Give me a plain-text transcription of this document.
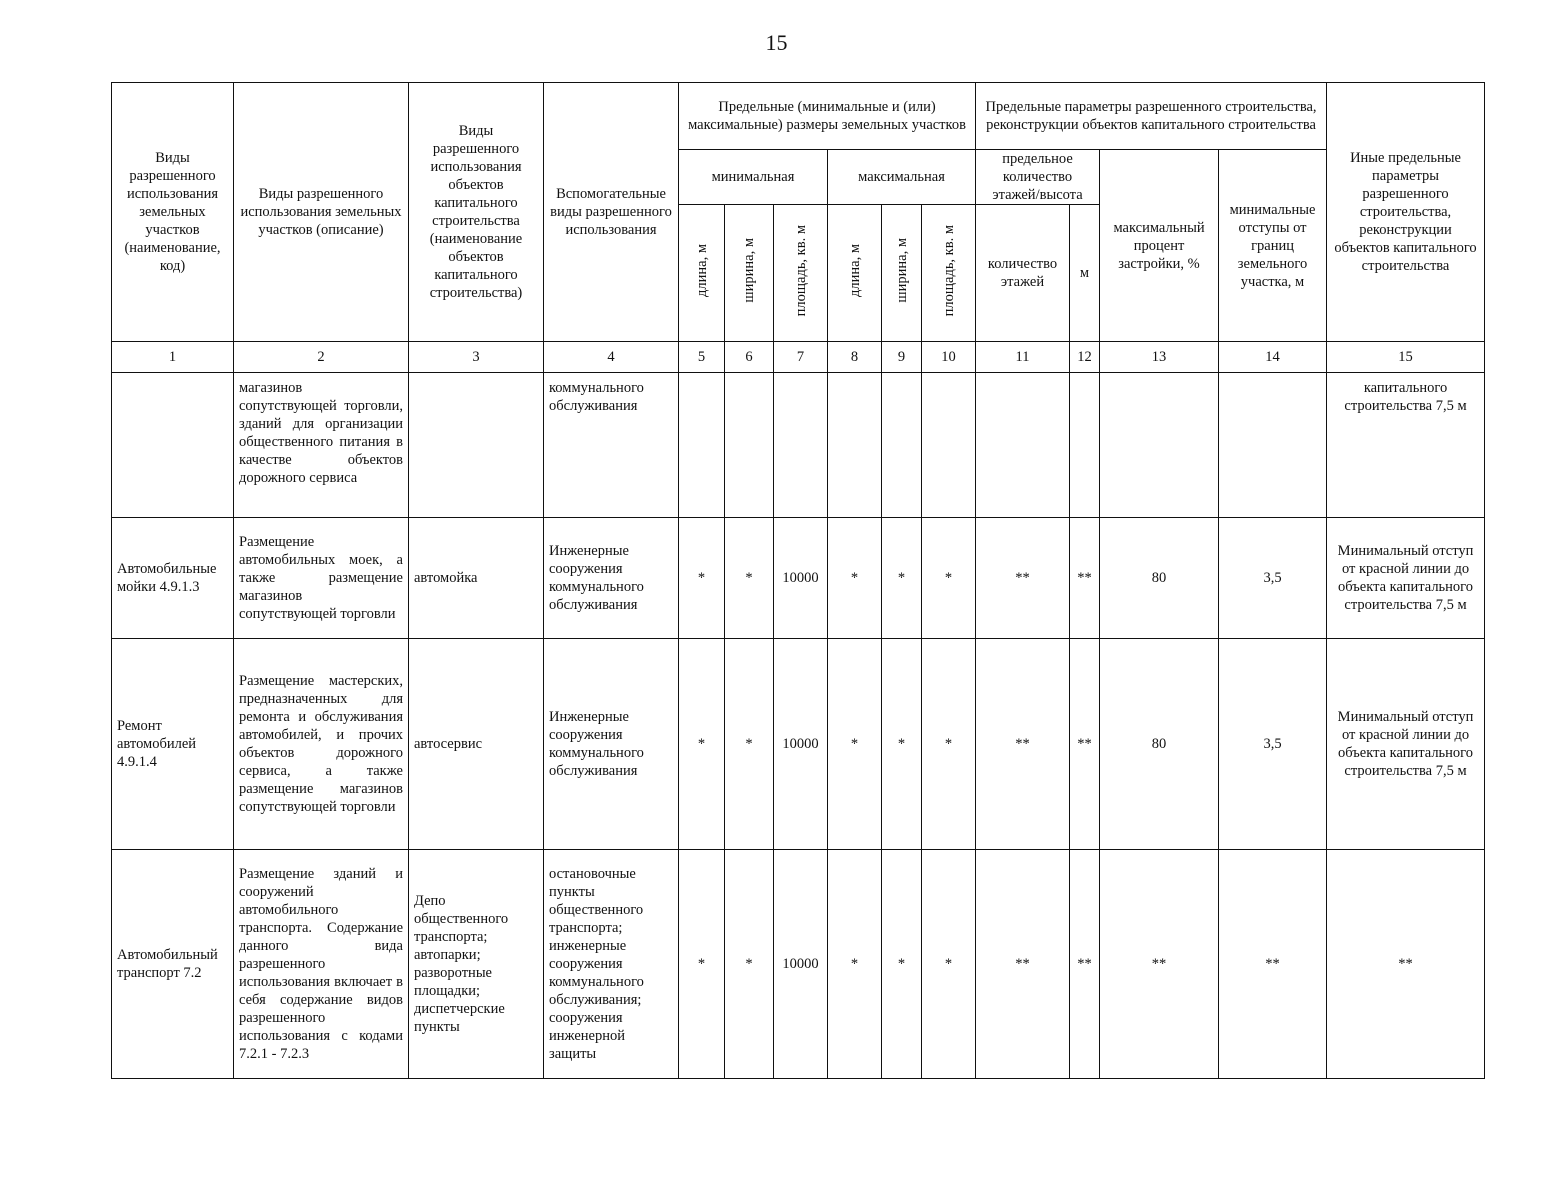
15
Виды разрешенного использования земельных участков (наименование, код)	Виды разрешенного использования земельных участков (описание)	Виды разрешенного использования объектов капитального строительства (наименование объектов капитального строительства)	Вспомогательные виды разрешенного использования	Предельные (минимальные и (или) максимальные) размеры земельных участков						Предельные параметры разрешенного строительства, реконструкции объектов капитального строительства				Иные предельные параметры разрешенного строительства, реконструкции объектов капитального строительства
				минимальная			максимальная			предельное количество этажей/высота		максимальный процент застройки, %	минимальные отступы от границ земельного участка, м	
				длина, м	ширина, м	площадь, кв. м	длина, м	ширина, м	площадь, кв. м	количество этажей	м			
1	2	3	4	5	6	7	8	9	10	11	12	13	14	15
	магазинов сопутствующей торговли, зданий для организации общественного питания в качестве объектов дорожного сервиса		коммунального обслуживания											капитального строительства 7,5 м
Автомобильные мойки 4.9.1.3	Размещение автомобильных моек, а также размещение магазинов сопутствующей торговли	автомойка	Инженерные сооружения коммунального обслуживания	*	*	10000	*	*	*	**	**	80	3,5	Минимальный отступ от красной линии до объекта капитального строительства 7,5 м
Ремонт автомобилей 4.9.1.4	Размещение мастерских, предназначенных для ремонта и обслуживания автомобилей, и прочих объектов дорожного сервиса, а также размещение магазинов сопутствующей торговли	автосервис	Инженерные сооружения коммунального обслуживания	*	*	10000	*	*	*	**	**	80	3,5	Минимальный отступ от красной линии до объекта капитального строительства 7,5 м
Автомобильный транспорт 7.2	Размещение зданий и сооружений автомобильного транспорта. Содержание данного вида разрешенного использования включает в себя содержание видов разрешенного использования с кодами 7.2.1 - 7.2.3	Депо общественного транспорта; автопарки; разворотные площадки; диспетчерские пункты	остановочные пункты общественного транспорта; инженерные сооружения коммунального обслуживания; сооружения инженерной защиты	*	*	10000	*	*	*	**	**	**	**	**
